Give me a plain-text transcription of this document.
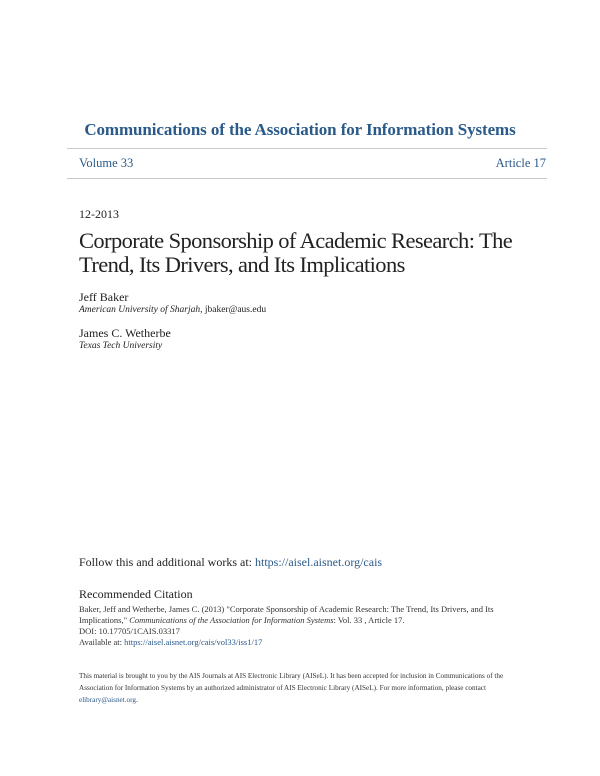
Communications of the Association for Information Systems
Volume 33	Article 17
12-2013
Corporate Sponsorship of Academic Research: The
Trend, Its Drivers, and Its Implications
Jeff Baker
American University of Sharjah, jbaker@aus.edu
James C. Wetherbe
Texas Tech University
Follow this and additional works at: https://aisel.aisnet.org/cais
Recommended Citation
Baker, Jeff and Wetherbe, James C. (2013) "Corporate Sponsorship of Academic Research: The Trend, Its Drivers, and Its
Implications," Communications of the Association for Information Systems: Vol. 33 , Article 17.
DOI: 10.17705/1CAIS.03317
Available at: https://aisel.aisnet.org/cais/vol33/iss1/17
This material is brought to you by the AIS Journals at AIS Electronic Library (AISeL). It has been accepted for inclusion in Communications of the
Association for Information Systems by an authorized administrator of AIS Electronic Library (AISeL). For more information, please contact
elibrary@aisnet.org.
